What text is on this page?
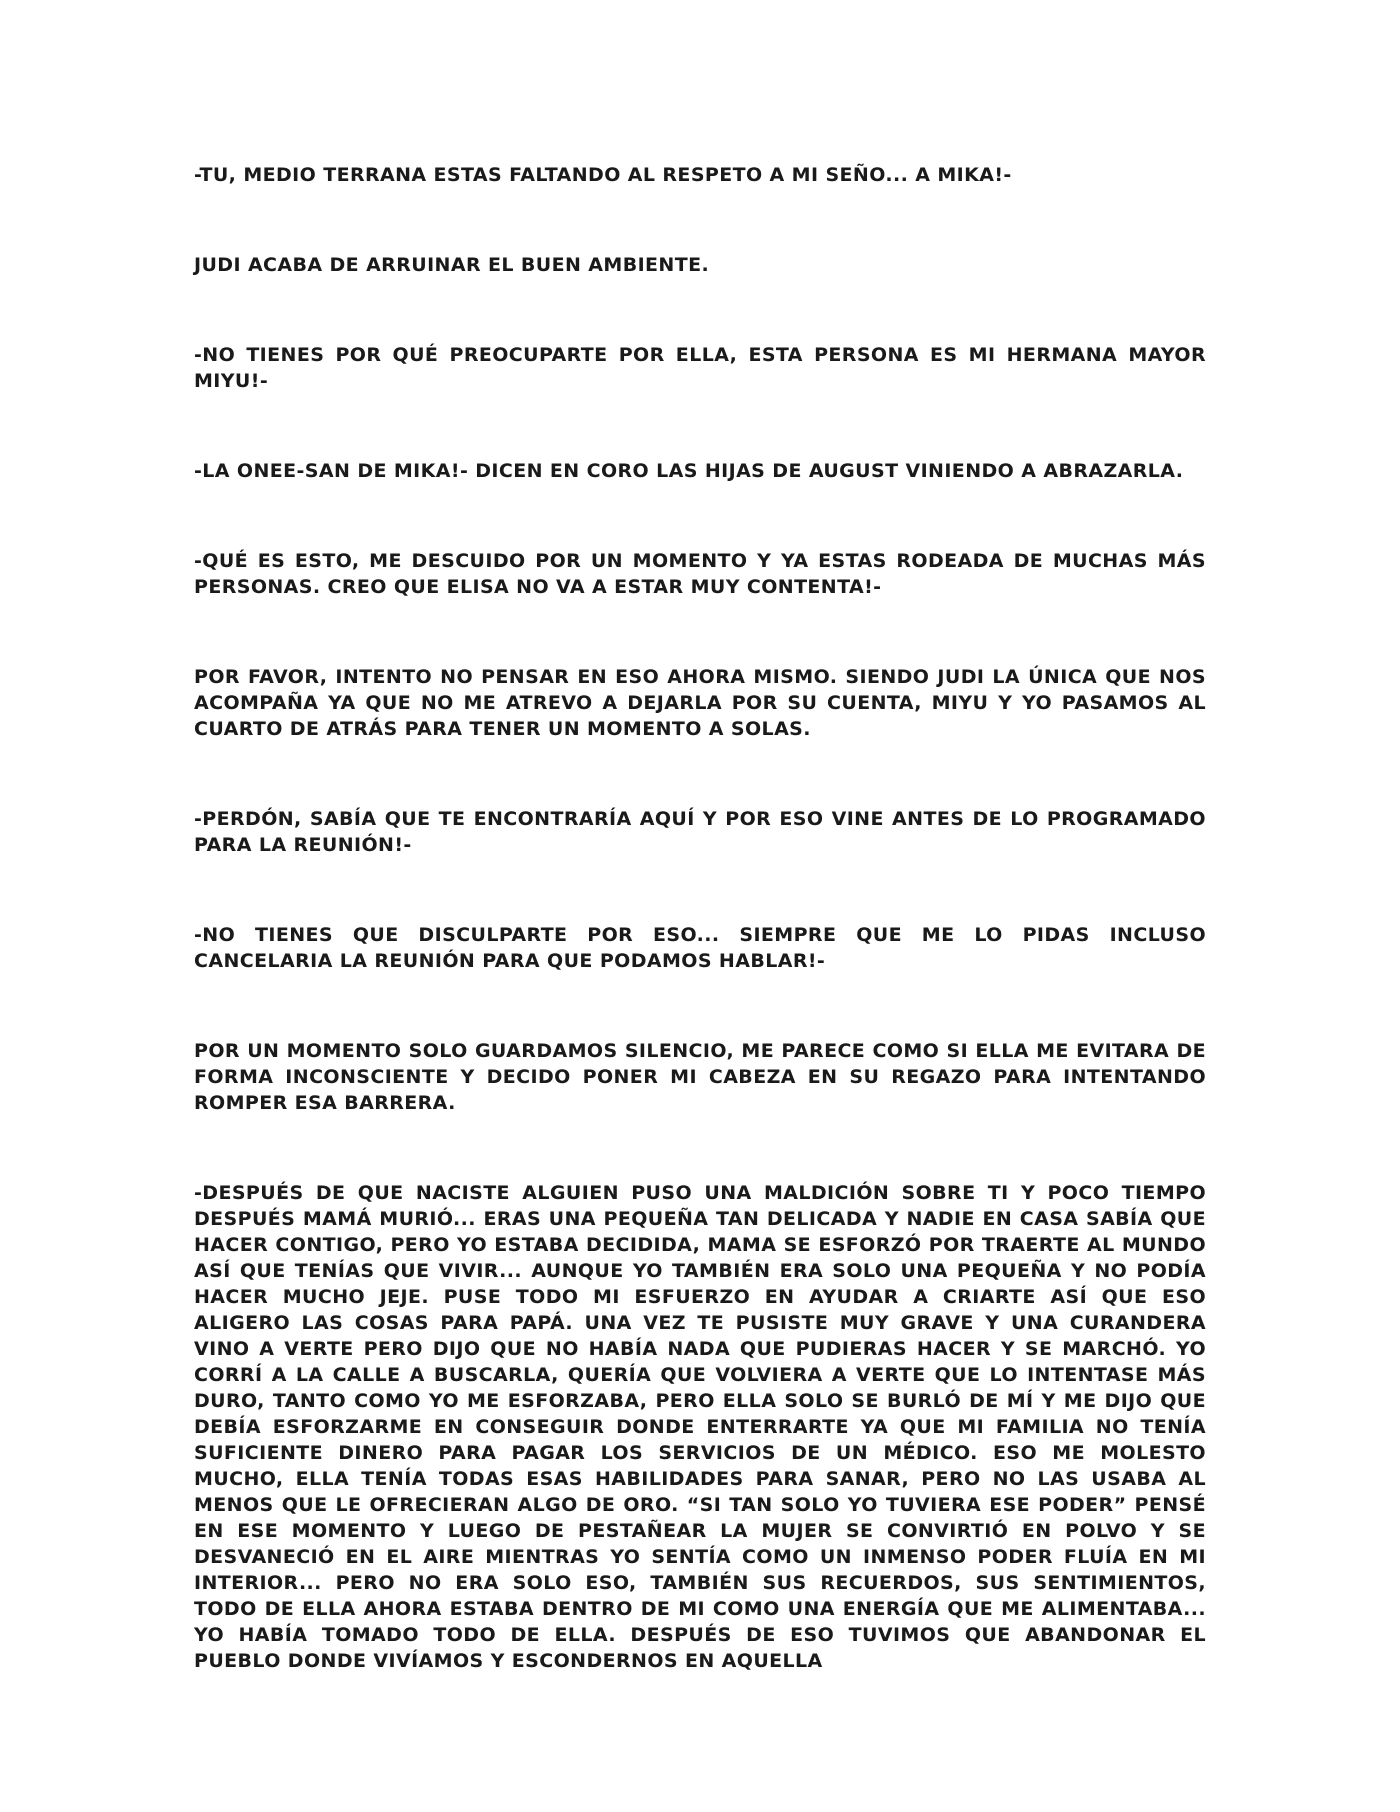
-TU, MEDIO TERRANA ESTAS FALTANDO AL RESPETO A MI SEÑO... A MIKA!-

JUDI ACABA DE ARRUINAR EL BUEN AMBIENTE.

-NO TIENES POR QUÉ PREOCUPARTE POR ELLA, ESTA PERSONA ES MI HERMANA MAYOR MIYU!-

-LA ONEE-SAN DE MIKA!- DICEN EN CORO LAS HIJAS DE AUGUST VINIENDO A ABRAZARLA.

-QUÉ ES ESTO, ME DESCUIDO POR UN MOMENTO Y YA ESTAS RODEADA DE MUCHAS MÁS PERSONAS. CREO QUE ELISA NO VA A ESTAR MUY CONTENTA!-

POR FAVOR, INTENTO NO PENSAR EN ESO AHORA MISMO. SIENDO JUDI LA ÚNICA QUE NOS ACOMPAÑA YA QUE NO ME ATREVO A DEJARLA POR SU CUENTA, MIYU Y YO PASAMOS AL CUARTO DE ATRÁS PARA TENER UN MOMENTO A SOLAS.

-PERDÓN, SABÍA QUE TE ENCONTRARÍA AQUÍ Y POR ESO VINE ANTES DE LO PROGRAMADO PARA LA REUNIÓN!-

-NO TIENES QUE DISCULPARTE POR ESO... SIEMPRE QUE ME LO PIDAS INCLUSO CANCELARIA LA REUNIÓN PARA QUE PODAMOS HABLAR!-

POR UN MOMENTO SOLO GUARDAMOS SILENCIO, ME PARECE COMO SI ELLA ME EVITARA DE FORMA INCONSCIENTE Y DECIDO PONER MI CABEZA EN SU REGAZO PARA INTENTANDO ROMPER ESA BARRERA.

-DESPUÉS DE QUE NACISTE ALGUIEN PUSO UNA MALDICIÓN SOBRE TI Y POCO TIEMPO DESPUÉS MAMÁ MURIÓ... ERAS UNA PEQUEÑA TAN DELICADA Y NADIE EN CASA SABÍA QUE HACER CONTIGO, PERO YO ESTABA DECIDIDA, MAMA SE ESFORZÓ POR TRAERTE AL MUNDO ASÍ QUE TENÍAS QUE VIVIR... AUNQUE YO TAMBIÉN ERA SOLO UNA PEQUEÑA Y NO PODÍA HACER MUCHO JEJE. PUSE TODO MI ESFUERZO EN AYUDAR A CRIARTE ASÍ QUE ESO ALIGERO LAS COSAS PARA PAPÁ. UNA VEZ TE PUSISTE MUY GRAVE Y UNA CURANDERA VINO A VERTE PERO DIJO QUE NO HABÍA NADA QUE PUDIERAS HACER Y SE MARCHÓ. YO CORRÍ A LA CALLE A BUSCARLA, QUERÍA QUE VOLVIERA A VERTE QUE LO INTENTASE MÁS DURO, TANTO COMO YO ME ESFORZABA, PERO ELLA SOLO SE BURLÓ DE MÍ Y ME DIJO QUE DEBÍA ESFORZARME EN CONSEGUIR DONDE ENTERRARTE YA QUE MI FAMILIA NO TENÍA SUFICIENTE DINERO PARA PAGAR LOS SERVICIOS DE UN MÉDICO. ESO ME MOLESTO MUCHO, ELLA TENÍA TODAS ESAS HABILIDADES PARA SANAR, PERO NO LAS USABA AL MENOS QUE LE OFRECIERAN ALGO DE ORO. “SI TAN SOLO YO TUVIERA ESE PODER” PENSÉ EN ESE MOMENTO Y LUEGO DE PESTAÑEAR LA MUJER SE CONVIRTIÓ EN POLVO Y SE DESVANECIÓ EN EL AIRE MIENTRAS YO SENTÍA COMO UN INMENSO PODER FLUÍA EN MI INTERIOR... PERO NO ERA SOLO ESO, TAMBIÉN SUS RECUERDOS, SUS SENTIMIENTOS, TODO DE ELLA AHORA ESTABA DENTRO DE MI COMO UNA ENERGÍA QUE ME ALIMENTABA... YO HABÍA TOMADO TODO DE ELLA. DESPUÉS DE ESO TUVIMOS QUE ABANDONAR EL PUEBLO DONDE VIVÍAMOS Y ESCONDERNOS EN AQUELLA
